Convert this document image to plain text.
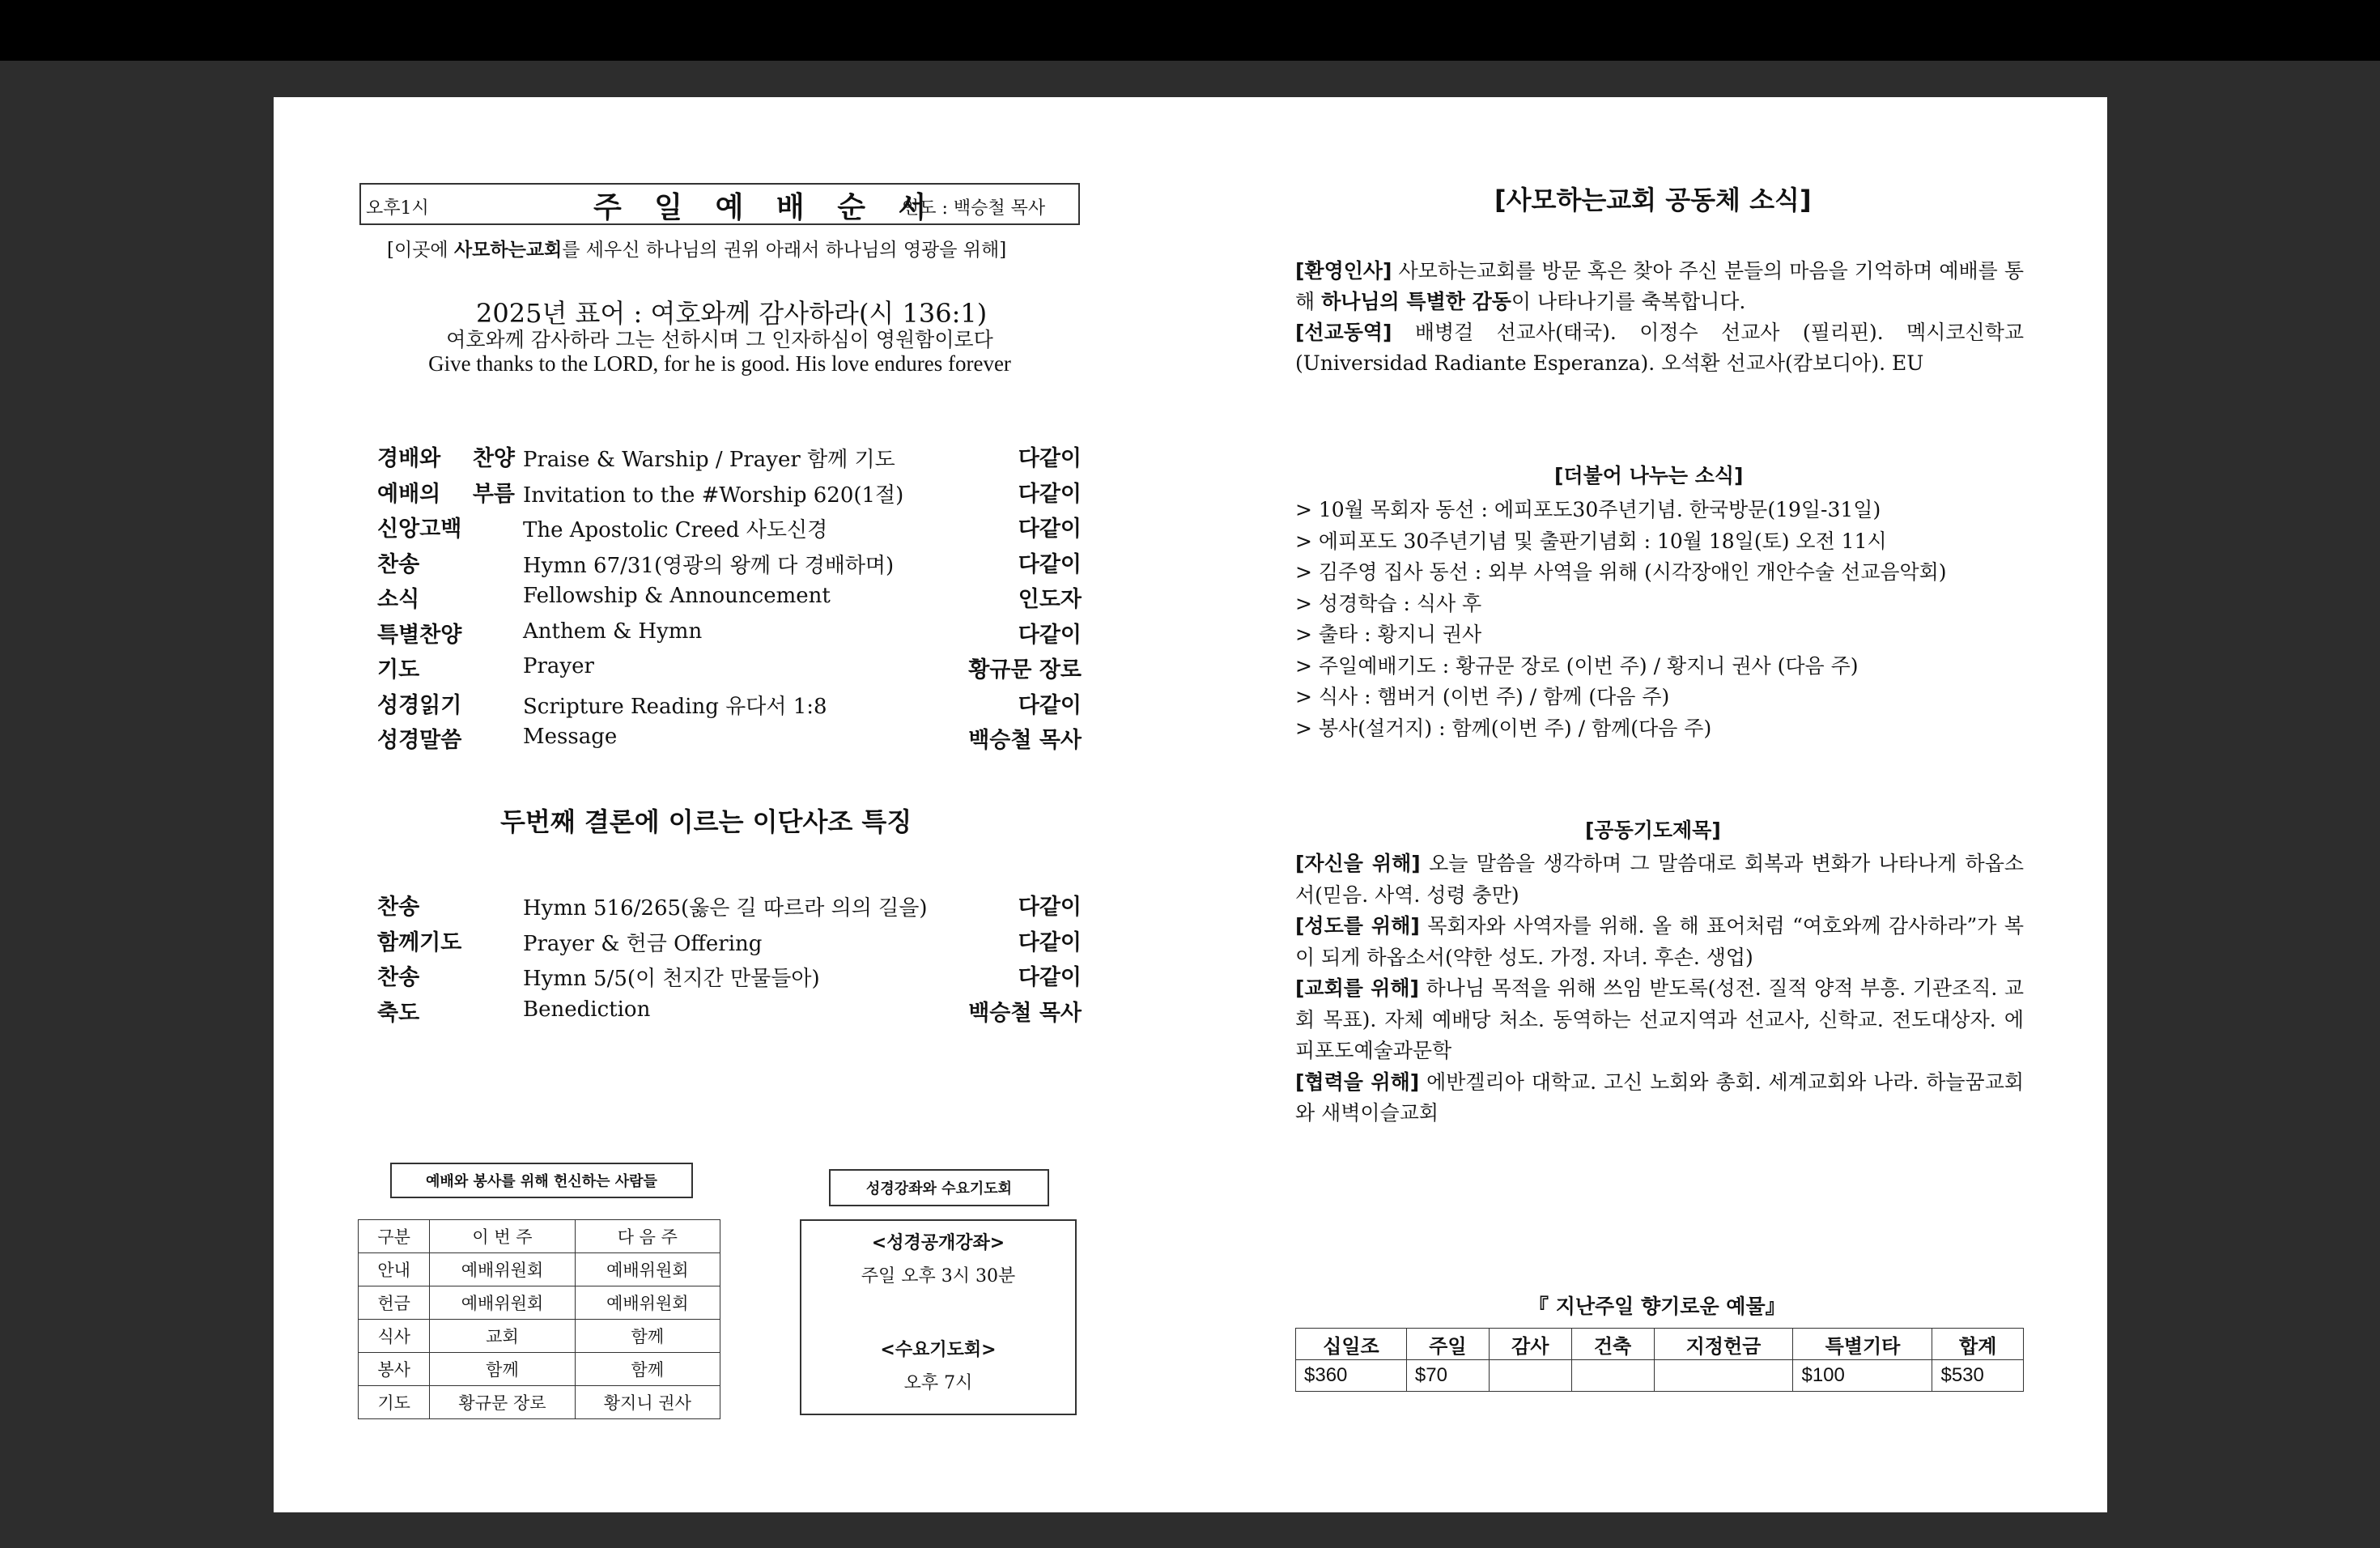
오후1시	주 일 예 배 순 서
인도 : 백승철 목사
[이곳에 사모하는교회를 세우신 하나님의 권위 아래서 하나님의 영광을 위해]
2025년 표어 : 여호와께 감사하라(시 136:1)
여호와께 감사하라 그는 선하시며 그 인자하심이 영원함이로다
Give thanks to the LORD, for he is good. His love endures forever
경배와 찬양 Praise & Warship / Prayer 함께 기도	다같이
예배의 부름 Invitation to the #Worship 620(1절)	다같이
신앙고백	The Apostolic Creed 사도신경	다같이
찬송	Hymn 67/31(영광의 왕께 다 경배하며)	다같이
소식	Fellowship & Announcement	인도자
특별찬양	Anthem & Hymn	다같이
기도	Prayer	황규문 장로
성경읽기	Scripture Reading 유다서 1:8	다같이
성경말씀	Message	백승철 목사
두번째 결론에 이르는 이단사조 특징
찬송	Hymn 516/265(옳은 길 따르라 의의 길을)	다같이
함께기도	Prayer & 헌금 Offering	다같이
찬송	Hymn 5/5(이 천지간 만물들아)	다같이
축도	Benediction	백승철 목사
예배와 봉사를 위해 헌신하는 사람들
구분	이 번 주	다 음 주
안내	예배위원회	예배위원회
헌금	예배위원회	예배위원회
식사	교회	함께
봉사	함께	함께
기도	황규문 장로	황지니 권사
성경강좌와 수요기도회
<성경공개강좌>
주일 오후 3시 30분
<수요기도회>
오후 7시
[사모하는교회 공동체 소식]
[환영인사] 사모하는교회를 방문 혹은 찾아 주신 분들의 마음을 기억하며 예배를 통해 하나님의 특별한 감동이 나타나기를 축복합니다.
[선교동역] 배병걸 선교사(태국). 이정수 선교사 (필리핀). 멕시코신학교(Universidad Radiante Esperanza). 오석환 선교사(캄보디아). EU
[더불어 나누는 소식]
> 10월 목회자 동선 : 에피포도30주년기념. 한국방문(19일-31일)
> 에피포도 30주년기념 및 출판기념회 : 10월 18일(토) 오전 11시
> 김주영 집사 동선 : 외부 사역을 위해 (시각장애인 개안수술 선교음악회)
> 성경학습 : 식사 후
> 출타 : 황지니 권사
> 주일예배기도 : 황규문 장로 (이번 주) / 황지니 권사 (다음 주)
> 식사 : 햄버거 (이번 주) / 함께 (다음 주)
> 봉사(설거지) : 함께(이번 주) / 함께(다음 주)
[공동기도제목]
[자신을 위해] 오늘 말씀을 생각하며 그 말씀대로 회복과 변화가 나타나게 하옵소서(믿음. 사역. 성령 충만)
[성도를 위해] 목회자와 사역자를 위해. 올 해 표어처럼 “여호와께 감사하라”가 복이 되게 하옵소서(약한 성도. 가정. 자녀. 후손. 생업)
[교회를 위해] 하나님 목적을 위해 쓰임 받도록(성전. 질적 양적 부흥. 기관조직. 교회 목표). 자체 예배당 처소. 동역하는 선교지역과 선교사, 신학교. 전도대상자. 에피포도예술과문학
[협력을 위해] 에반겔리아 대학교. 고신 노회와 총회. 세계교회와 나라. 하늘꿈교회와 새벽이슬교회
『 지난주일 향기로운 예물』
십일조	주일	감사	건축	지정헌금	특별기타	합계
$360	$70				$100	$530
